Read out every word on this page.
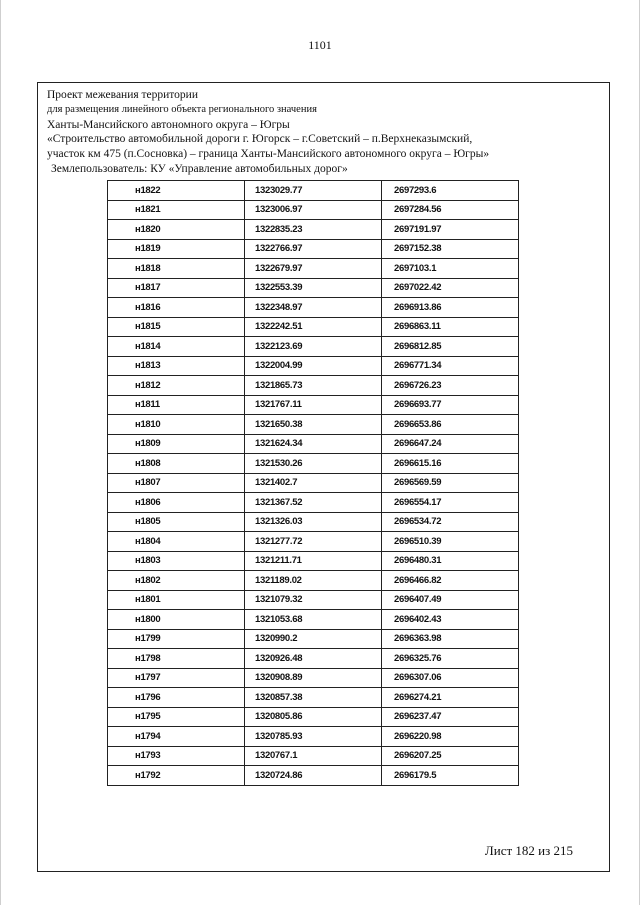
1101
Проект межевания территории
для размещения линейного объекта регионального значения
Ханты-Мансийского автономного округа – Югры
«Строительство автомобильной дороги г. Югорск – г.Советский – п.Верхнеказымский,
участок км 475 (п.Сосновка) – граница Ханты-Мансийского автономного округа – Югры»
Землепользователь: КУ «Управление автомобильных дорог»
н1822	1323029.77	2697293.6
н1821	1323006.97	2697284.56
н1820	1322835.23	2697191.97
н1819	1322766.97	2697152.38
н1818	1322679.97	2697103.1
н1817	1322553.39	2697022.42
н1816	1322348.97	2696913.86
н1815	1322242.51	2696863.11
н1814	1322123.69	2696812.85
н1813	1322004.99	2696771.34
н1812	1321865.73	2696726.23
н1811	1321767.11	2696693.77
н1810	1321650.38	2696653.86
н1809	1321624.34	2696647.24
н1808	1321530.26	2696615.16
н1807	1321402.7	2696569.59
н1806	1321367.52	2696554.17
н1805	1321326.03	2696534.72
н1804	1321277.72	2696510.39
н1803	1321211.71	2696480.31
н1802	1321189.02	2696466.82
н1801	1321079.32	2696407.49
н1800	1321053.68	2696402.43
н1799	1320990.2	2696363.98
н1798	1320926.48	2696325.76
н1797	1320908.89	2696307.06
н1796	1320857.38	2696274.21
н1795	1320805.86	2696237.47
н1794	1320785.93	2696220.98
н1793	1320767.1	2696207.25
н1792	1320724.86	2696179.5
Лист 182 из 215
